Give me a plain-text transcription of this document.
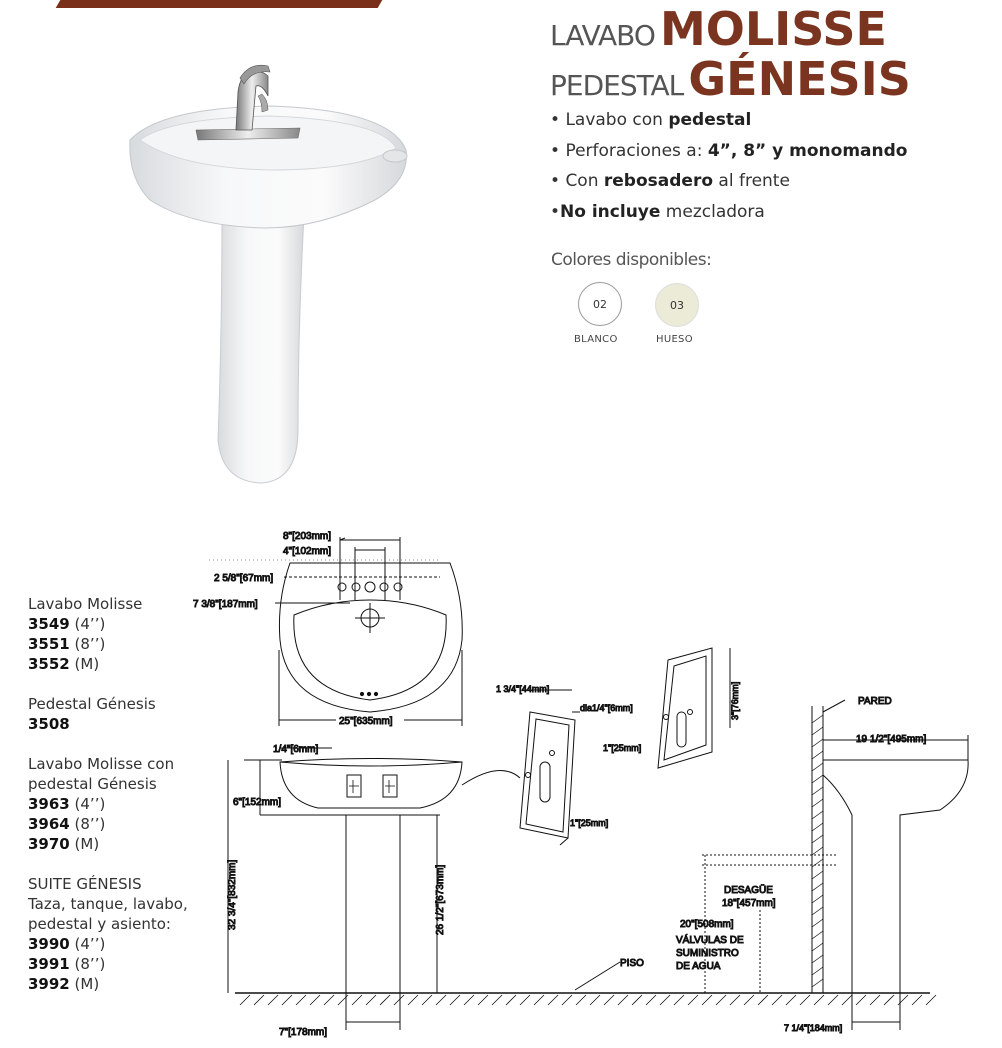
LAVABO MOLISSE
PEDESTAL GÉNESIS
• Lavabo con pedestal
• Perforaciones a: 4”, 8” y monomando
• Con rebosadero al frente
•No incluye mezcladora
Colores disponibles:
02	03
BLANCO	HUESO
Lavabo Molisse
3549 (4’’)
3551 (8’’)
3552 (M)
Pedestal Génesis
3508
Lavabo Molisse con
pedestal Génesis
3963 (4’’)
3964 (8’’)
3970 (M)
SUITE GÉNESIS
Taza, tanque, lavabo,
pedestal y asiento:
3990 (4’’)
3991 (8’’)
3992 (M)
8"[203mm]
4"[102mm]
2 5/8"[67mm]
7 3/8"[187mm]
25"[635mm]
1/4"[6mm]
6"[152mm]
32 3/4"[832mm]	26 1/2"[673mm]
7"[178mm]
1 3/4"[44mm]
dia1/4"[6mm]
1"[25mm]
1"[25mm]
3"[76mm]	PARED
19 1/2"[495mm]
DESAGÜE
18"[457mm]
20"[508mm]
VÁLVULAS DE
SUMINISTRO
DE AGUA
PISO
7 1/4"[184mm]
